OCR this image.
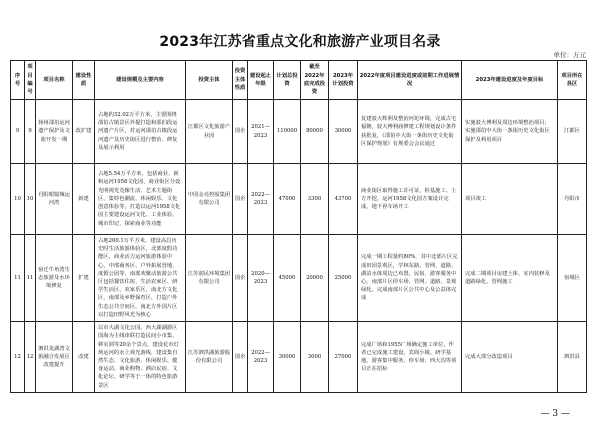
2023年江苏省重点文化和旅游产业项目名录
单位：万元
序号	项目编号	项目名称	建设性质	建设规模及主要内容	投资主体	投资主体性质	建设起止年限	计划总投资	截至2022年底完成投资	2023年计划投资	2022年度项目建设进度或前期工作进展情况	2023年建设进度及年度目标	项目所在县区
9	9	扬州邵伯运河遗产保护及文旅开发一期	改扩建	占地约32.02万平方米，主要围绕邵伯古镇景区外提打造和邵伯段运河遗产片区，对运河邵伯古镇段运河遗产及历史街区进行整治、修复及展示利用	江都区文化旅游产业园	国企	2021—2023	110000	80000	30000	复建驳大辉利及整治河坨环境，完成古宅福朝，驳大傅利庙修建工程规划设计条件获批复，《邵伯中大街一条街历史文化街区保护规划》有规委会会议通过	实施驳大傅利及周边环境整治项目；实施邵伯中大街一条街历史文化街区保护及利用项目	江都区
10	10	丹阳眼镜城运河湾	新建	占地5.54万平方米，包括商业、新和运河1958文化园，商业街区分设光明视光竞像生活、艺术主题街区、集特色潮流、休闲娱乐、文化创意体验等，打造以运河1958文化园主要建设运河文化、工业体验、城市印记、探索商业等功能	中国金亮控股集团有限公司	国企	2022—2023	47000	3300	43700	商业街区取得施工许可证，桩基施工、土方开挖，运河1958文化园方案设计完成，地下停车场开工	项目竣工	丹阳市
11	11	宿迁牛角湾生态旅游及水环境修复	扩建	占地200.1万平方米，建设高昌历史时生活旅游体验区，北部度假功能区，商业活力运河旅游体验中心，中部商务区、户外拓展营地、度假公园等，南部欢聚动旅游公共区包括餐饮住宿、生活农家区、研学生活区，农家乐区，南北方文化区，南部及乡野保育区，打造户外生态公共空间区，南北方外国片区以打造田野风光为核心	江苏润民环境集团有限公司	国企	2020—2023	45000	20000	25000	完成一期工程量约80%，其中北部片区完成田园景观区，学林东路，管网、道路、湖泊水体周边已布置，民宿、游客服务中心，南部片区停车场、管网、道路、景观绿化，完成南部片区公共中心及公益体完成	完成二期项目房建土体、室内装修及道路绿化、管网施工	宿城区
12	12	泗洪龙湖湾文旅融合发展区改建提升	改建	以市大湖文化公园、西大湖湖游区国海为主线串联打造民间小市集、移室洞等20余个景点，建设花市灯场运河的水上观光游线，建设集自然生态、文化旅游、休闲娱乐、健身运动、商业购物、酒店民宿、文化论坛、研学等于一体的特色旅游景区	江苏泗洪湖旅游股份有限公司	国企	2022—2023	30000	3000	27000	完成广场和1955广场确定施工单位，作者已完成施工建设，宾阁小镇、研学基地，游客集中服务、停车场、西大沟等项目正在招标	完成大部分改造项目	泗洪县
— 3 —
